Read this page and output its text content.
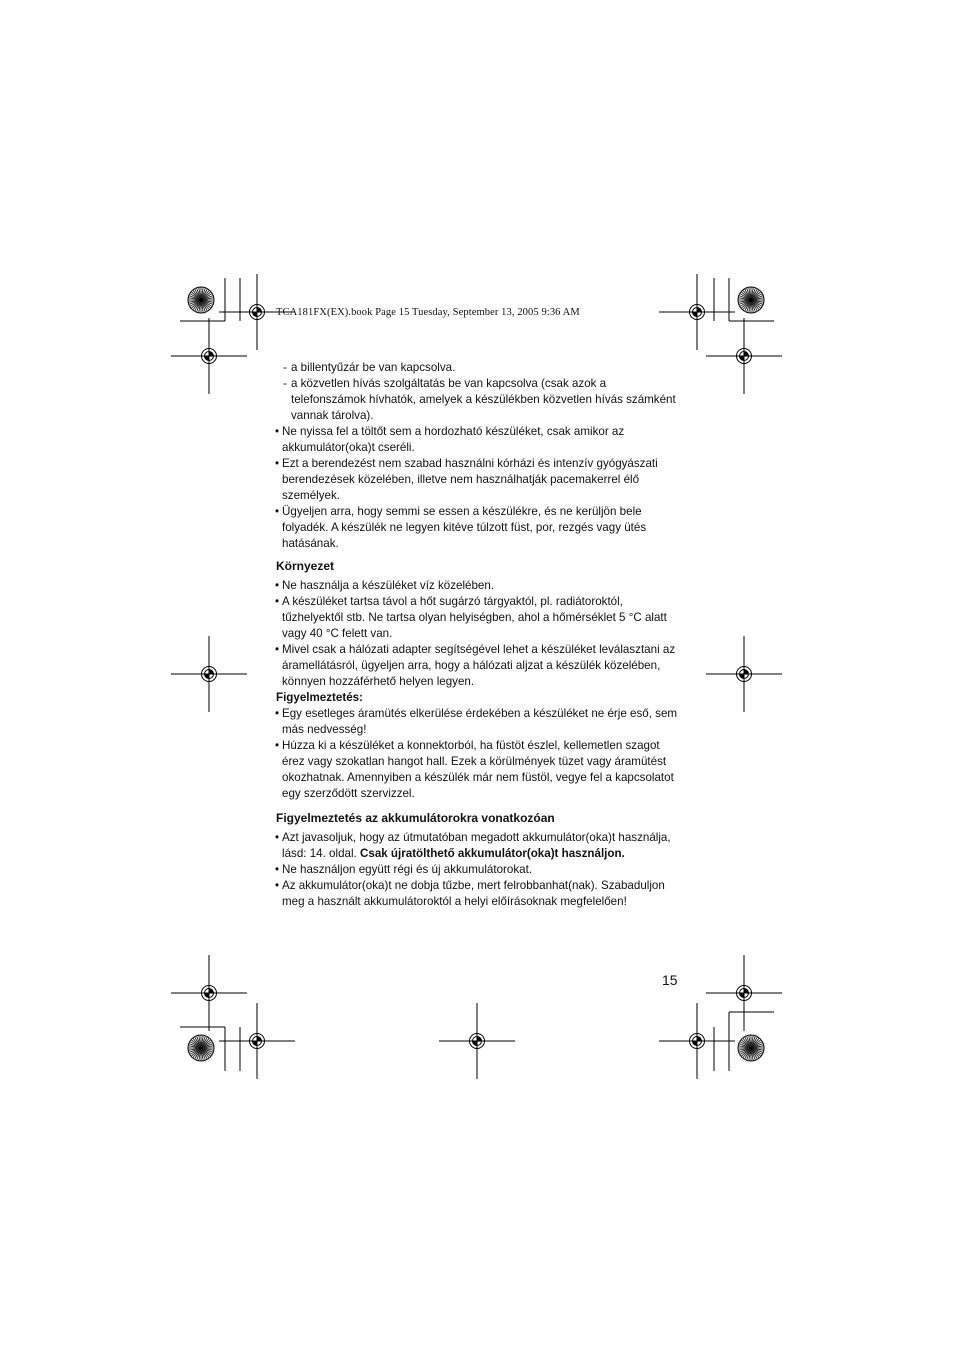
TCA181FX(EX).book Page 15 Tuesday, September 13, 2005 9:36 AM
- a billentyűzár be van kapcsolva.
- a közvetlen hívás szolgáltatás be van kapcsolva (csak azok a telefonszámok hívhatók, amelyek a készülékben közvetlen hívás számként vannak tárolva).
• Ne nyissa fel a töltőt sem a hordozható készüléket, csak amikor az akkumulátor(oka)t cseréli.
• Ezt a berendezést nem szabad használni kórházi és intenzív gyógyászati berendezések közelében, illetve nem használhatják pacemakerrel élő személyek.
• Ügyeljen arra, hogy semmi se essen a készülékre, és ne kerüljön bele folyadék. A készülék ne legyen kitéve túlzott füst, por, rezgés vagy ütés hatásának.
Környezet
• Ne használja a készüléket víz közelében.
• A készüléket tartsa távol a hőt sugárzó tárgyaktól, pl. radiátoroktól, tűzhelyektől stb. Ne tartsa olyan helyiségben, ahol a hőmérséklet 5 °C alatt vagy 40 °C felett van.
• Mivel csak a hálózati adapter segítségével lehet a készüléket leválasztani az áramellátásról, ügyeljen arra, hogy a hálózati aljzat a készülék közelében, könnyen hozzáférhető helyen legyen.
Figyelmeztetés:
• Egy esetleges áramütés elkerülése érdekében a készüléket ne érje eső, sem más nedvesség!
• Húzza ki a készüléket a konnektorból, ha füstöt észlel, kellemetlen szagot érez vagy szokatlan hangot hall. Ezek a körülmények tüzet vagy áramütést okozhatnak. Amennyiben a készülék már nem füstöl, vegye fel a kapcsolatot egy szerződött szervizzel.
Figyelmeztetés az akkumulátorokra vonatkozóan
• Azt javasoljuk, hogy az útmutatóban megadott akkumulátor(oka)t használja, lásd: 14. oldal. Csak újratölthető akkumulátor(oka)t használjon.
• Ne használjon együtt régi és új akkumulátorokat.
• Az akkumulátor(oka)t ne dobja tűzbe, mert felrobbanhat(nak). Szabaduljon meg a használt akkumulátoroktól a helyi előírásoknak megfelelően!
15
